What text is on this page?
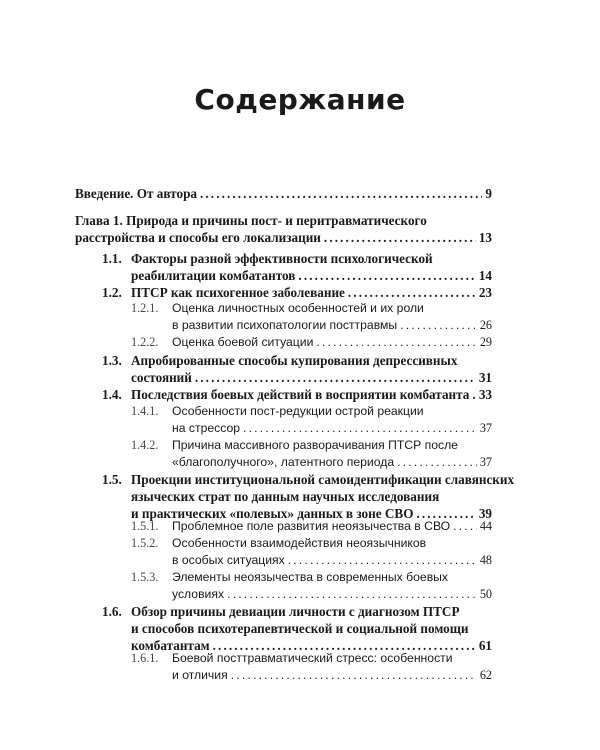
Содержание
Введение. От автора . . .	9
Глава 1. Природа и причины пост- и перитравматического
расстройства и способы его локализации . . .	13
1.1. Факторы разной эффективности психологической
реабилитации комбатантов . . .	14
1.2. ПТСР как психогенное заболевание . . .	23
1.2.1. Оценка личностных особенностей и их роли
в развитии психопатологии посттравмы . . .	26
1.2.2. Оценка боевой ситуации . . .	29
1.3. Апробированные способы купирования депрессивных
состояний . . .	31
1.4. Последствия боевых действий в восприятии комбатанта . . . 33
1.4.1. Особенности пост-редукции острой реакции
на стрессор . . .	37
1.4.2. Причина массивного разворачивания ПТСР после
«благополучного», латентного периода . . .	37
1.5. Проекции институциональной самоидентификации славянских
языческих страт по данным научных исследования
и практических «полевых» данных в зоне СВО . . .	39
1.5.1. Проблемное поле развития неоязычества в СВО . . . 44
1.5.2. Особенности взаимодействия неоязычников
в особых ситуациях . . .	48
1.5.3. Элементы неоязычества в современных боевых
условиях . . .	50
1.6. Обзор причины девиации личности с диагнозом ПТСР
и способов психотерапевтической и социальной помощи
комбатантам . . .	61
1.6.1. Боевой посттравматический стресс: особенности
и отличия . . .	62
